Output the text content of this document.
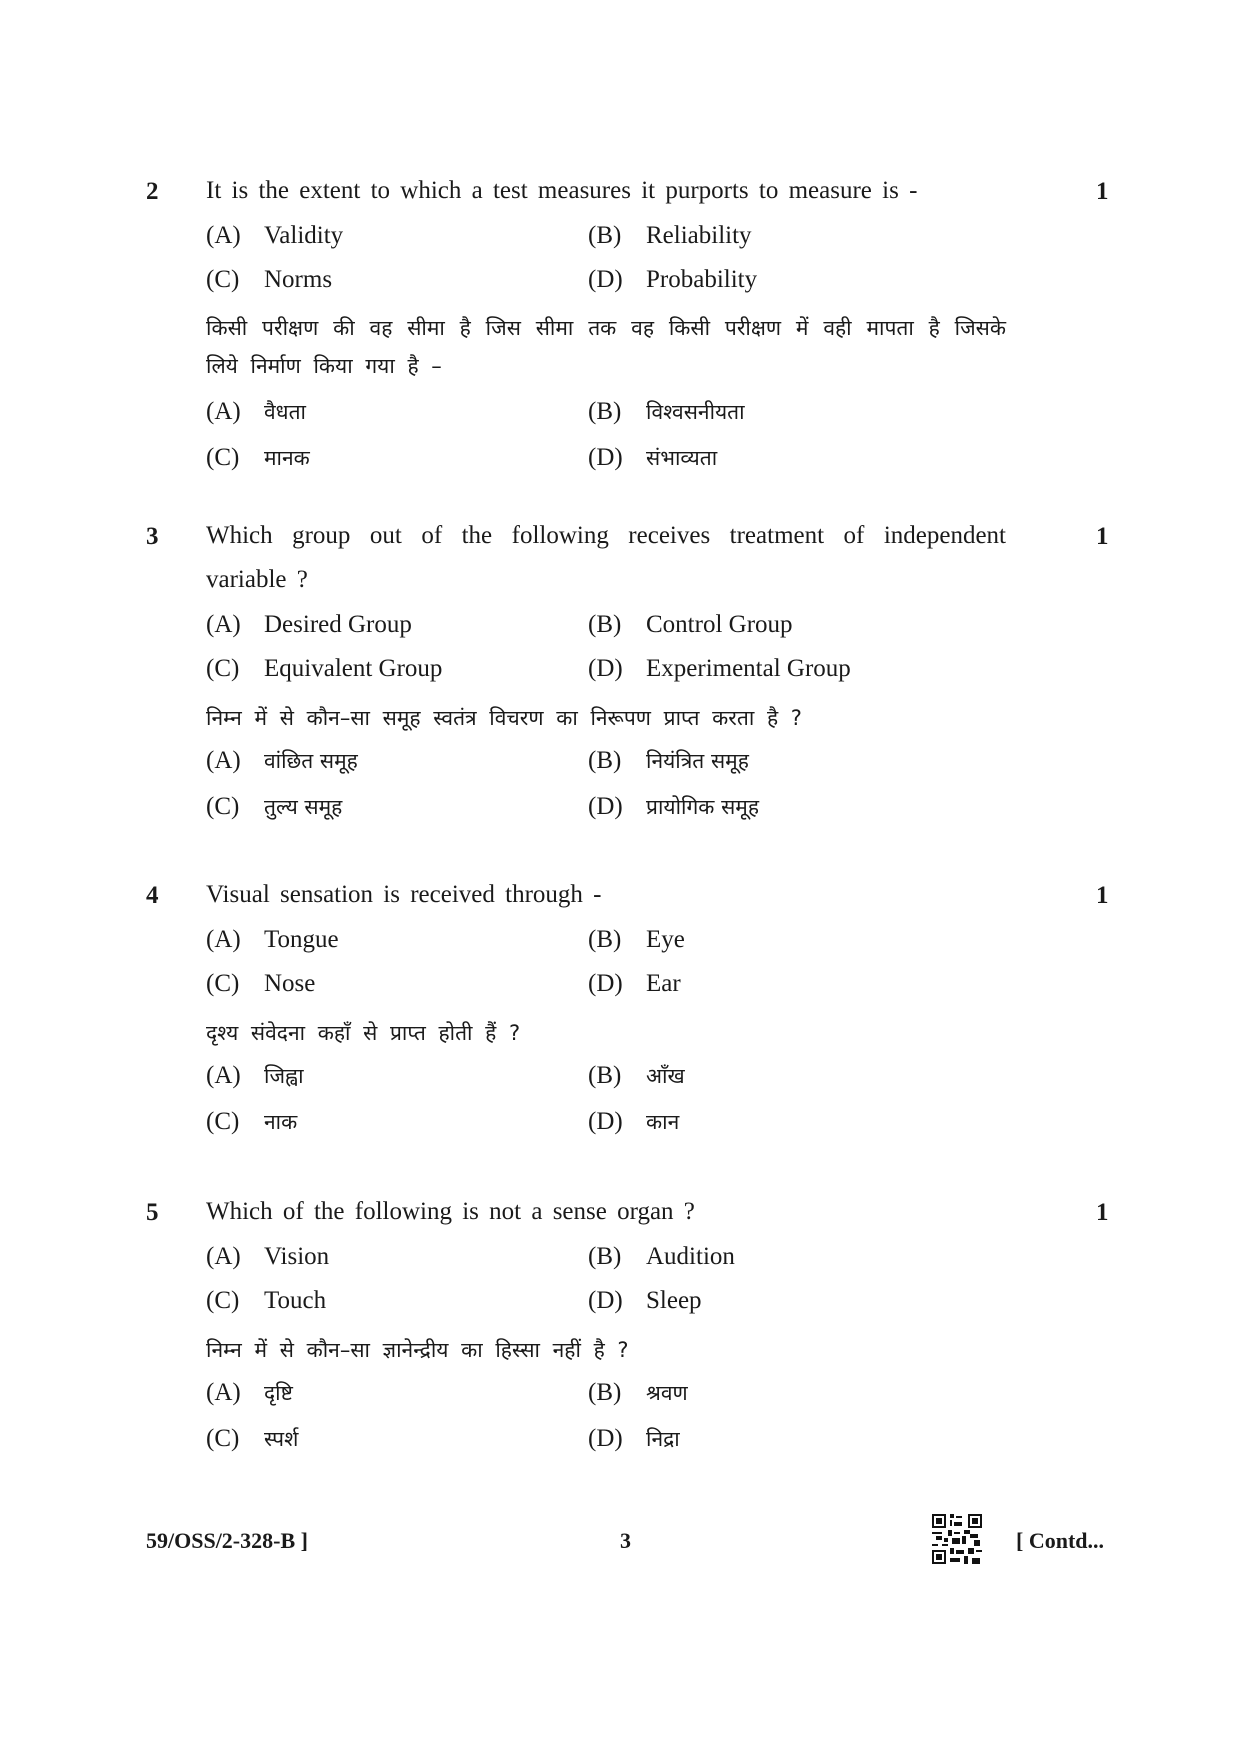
2	1
It is the extent to which a test measures it purports to measure is -
(A) Validity	(B) Reliability
(C) Norms	(D) Probability
किसी परीक्षण की वह सीमा है जिस सीमा तक वह किसी परीक्षण में वही मापता है जिसके लिये निर्माण किया गया है –
(A) वैधता	(B) विश्वसनीयता
(C) मानक	(D) संभाव्यता
3	1
Which group out of the following receives treatment of independent variable ?
(A) Desired Group	(B) Control Group
(C) Equivalent Group	(D) Experimental Group
निम्न में से कौन–सा समूह स्वतंत्र विचरण का निरूपण प्राप्त करता है ?
(A) वांछित समूह	(B) नियंत्रित समूह
(C) तुल्य समूह	(D) प्रायोगिक समूह
4	1
Visual sensation is received through -
(A) Tongue	(B) Eye
(C) Nose	(D) Ear
दृश्य संवेदना कहाँ से प्राप्त होती हैं ?
(A) जिह्वा	(B) आँख
(C) नाक	(D) कान
5	1
Which of the following is not a sense organ ?
(A) Vision	(B) Audition
(C) Touch	(D) Sleep
निम्न में से कौन–सा ज्ञानेन्द्रीय का हिस्सा नहीं है ?
(A) दृष्टि	(B) श्रवण
(C) स्पर्श	(D) निद्रा
59/OSS/2-328-B ]	3	[ Contd...
